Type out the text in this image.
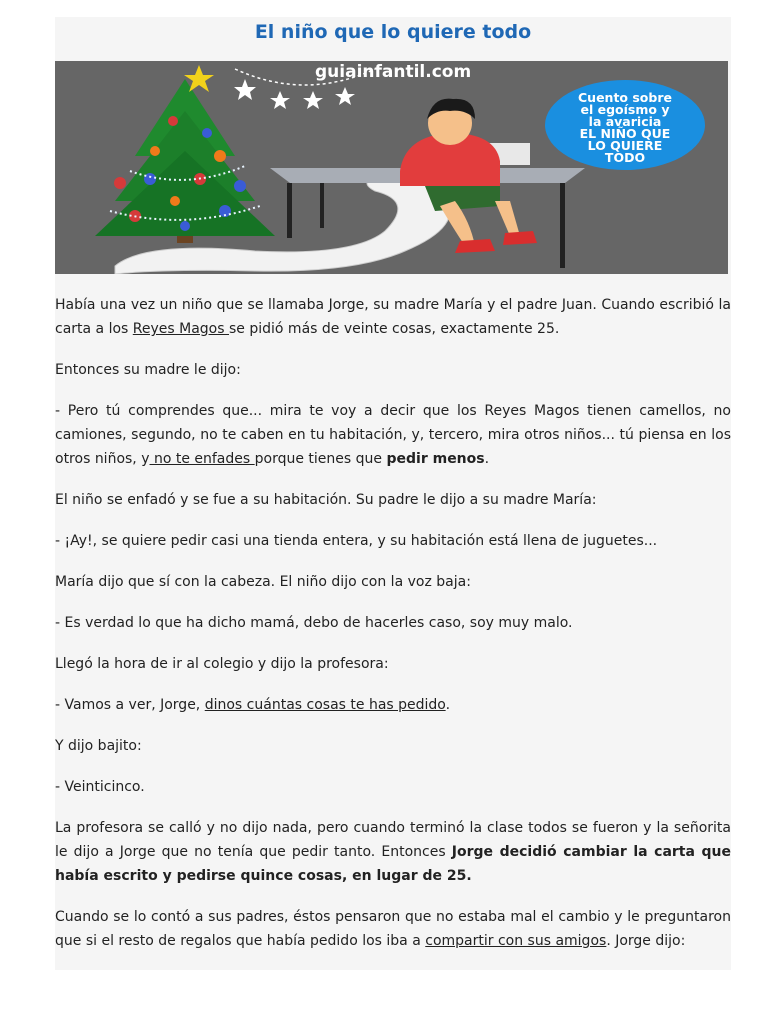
El niño que lo quiere todo
guiainfantil.com
Cuento sobre
el egoísmo y
la avaricia
EL NIÑO QUE
LO QUIERE
TODO

Había una vez un niño que se llamaba Jorge, su madre María y el padre Juan. Cuando escribió la carta a los Reyes Magos se pidió más de veinte cosas, exactamente 25.

Entonces su madre le dijo:

- Pero tú comprendes que... mira te voy a decir que los Reyes Magos tienen camellos, no camiones, segundo, no te caben en tu habitación, y, tercero, mira otros niños... tú piensa en los otros niños, y no te enfades porque tienes que pedir menos.

El niño se enfadó y se fue a su habitación. Su padre le dijo a su madre María:

- ¡Ay!, se quiere pedir casi una tienda entera, y su habitación está llena de juguetes...

María dijo que sí con la cabeza. El niño dijo con la voz baja:

- Es verdad lo que ha dicho mamá, debo de hacerles caso, soy muy malo.

Llegó la hora de ir al colegio y dijo la profesora:

- Vamos a ver, Jorge, dinos cuántas cosas te has pedido.

Y dijo bajito:

- Veinticinco.

La profesora se calló y no dijo nada, pero cuando terminó la clase todos se fueron y la señorita le dijo a Jorge que no tenía que pedir tanto. Entonces Jorge decidió cambiar la carta que había escrito y pedirse quince cosas, en lugar de 25.

Cuando se lo contó a sus padres, éstos pensaron que no estaba mal el cambio y le preguntaron que si el resto de regalos que había pedido los iba a compartir con sus amigos. Jorge dijo:
